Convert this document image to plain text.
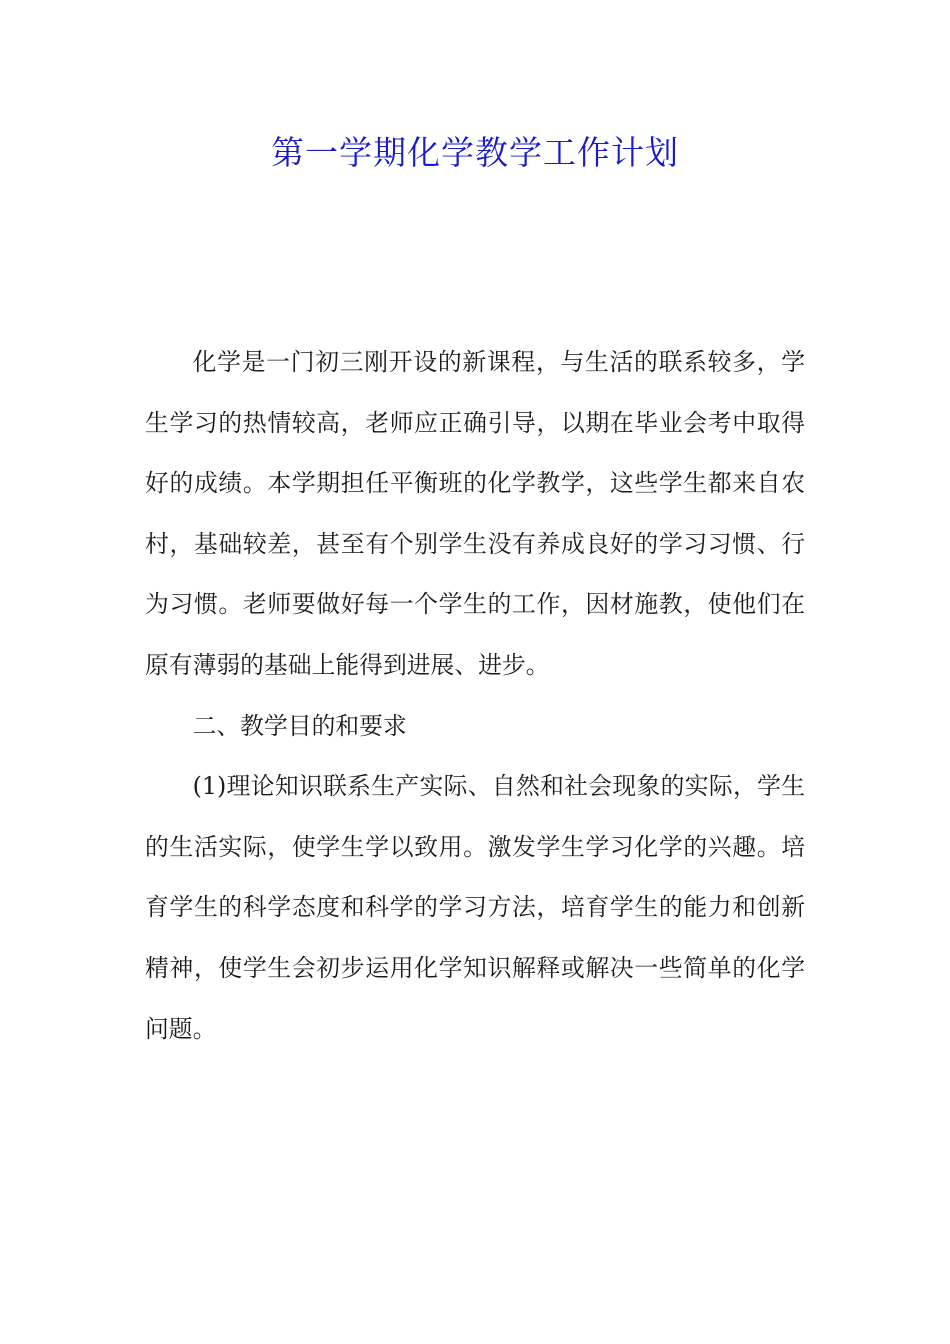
第一学期化学教学工作计划

化学是一门初三刚开设的新课程，与生活的联系较多，学生学习的热情较高，老师应正确引导，以期在毕业会考中取得好的成绩。本学期担任平衡班的化学教学，这些学生都来自农村，基础较差，甚至有个别学生没有养成良好的学习习惯、行为习惯。老师要做好每一个学生的工作，因材施教，使他们在原有薄弱的基础上能得到进展、进步。

二、教学目的和要求

(1)理论知识联系生产实际、自然和社会现象的实际，学生的生活实际，使学生学以致用。激发学生学习化学的兴趣。培育学生的科学态度和科学的学习方法，培育学生的能力和创新精神，使学生会初步运用化学知识解释或解决一些简单的化学问题。
